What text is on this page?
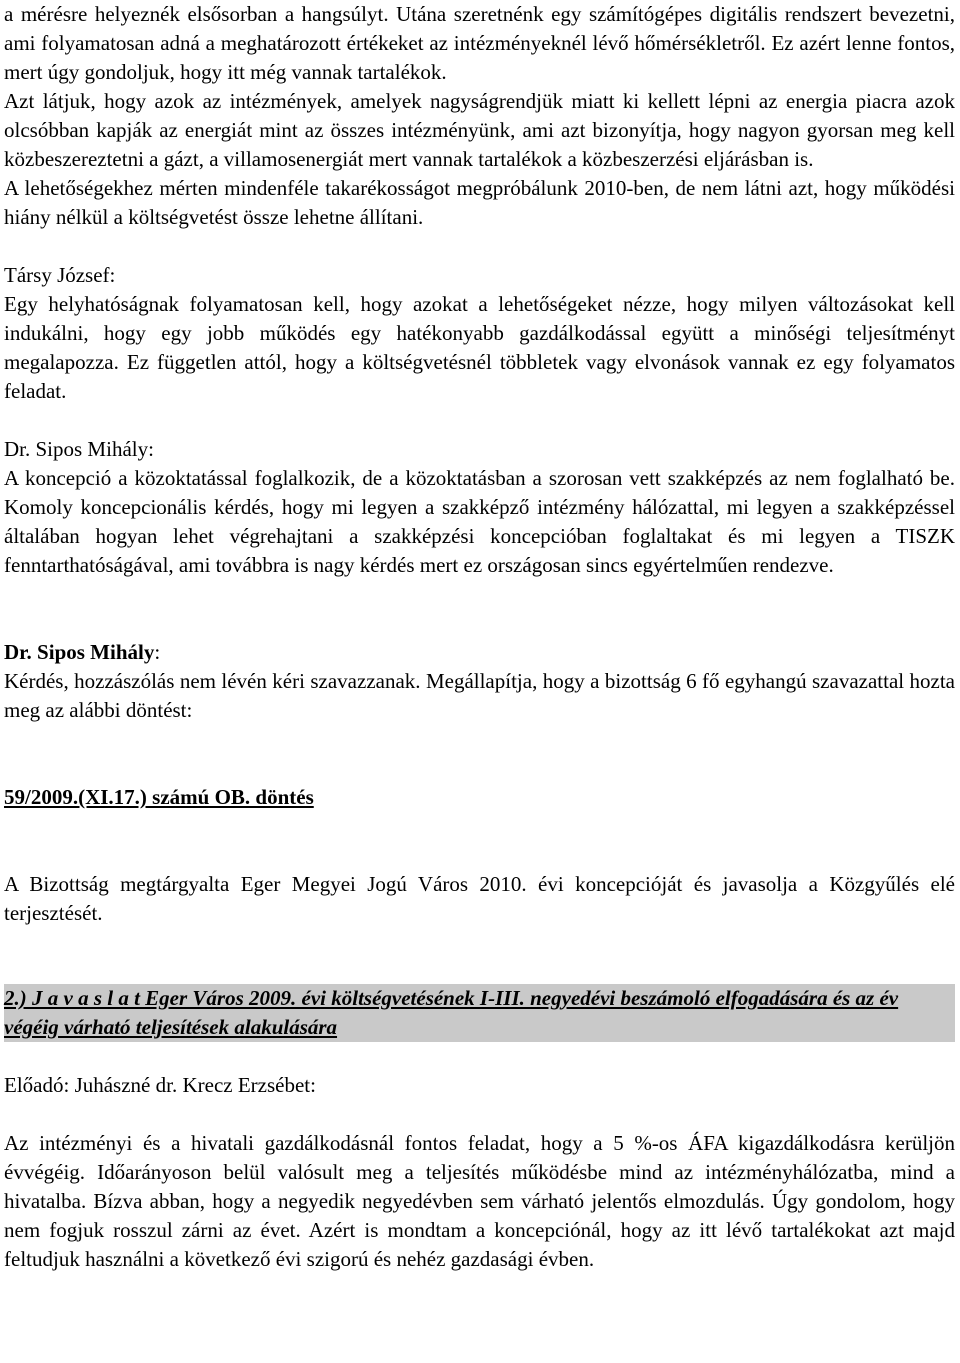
a mérésre helyeznék elsősorban a hangsúlyt. Utána szeretnénk egy számítógépes digitális rendszert bevezetni, ami folyamatosan adná a meghatározott értékeket az intézményeknél lévő hőmérsékletről. Ez azért lenne fontos, mert úgy gondoljuk, hogy itt még vannak tartalékok.

Azt látjuk, hogy azok az intézmények, amelyek nagyságrendjük miatt ki kellett lépni az energia piacra azok olcsóbban kapják az energiát mint az összes intézményünk, ami azt bizonyítja, hogy nagyon gyorsan meg kell közbeszereztetni a gázt, a villamosenergiát mert vannak tartalékok a közbeszerzési eljárásban is.

A lehetőségekhez mérten mindenféle takarékosságot megpróbálunk 2010-ben, de nem látni azt, hogy működési hiány nélkül a költségvetést össze lehetne állítani.

Társy József:

Egy helyhatóságnak folyamatosan kell, hogy azokat a lehetőségeket nézze, hogy milyen változásokat kell indukálni, hogy egy jobb működés egy hatékonyabb gazdálkodással együtt a minőségi teljesítményt megalapozza. Ez független attól, hogy a költségvetésnél többletek vagy elvonások vannak ez egy folyamatos feladat.

Dr. Sipos Mihály:

A koncepció a közoktatással foglalkozik, de a közoktatásban a szorosan vett szakképzés az nem foglalható be. Komoly koncepcionális kérdés, hogy mi legyen a szakképző intézmény hálózattal, mi legyen a szakképzéssel általában hogyan lehet végrehajtani a szakképzési koncepcióban foglaltakat és mi legyen a TISZK fenntarthatóságával, ami továbbra is nagy kérdés mert ez országosan sincs egyértelműen rendezve.

Dr. Sipos Mihály:

Kérdés, hozzászólás nem lévén kéri szavazzanak. Megállapítja, hogy a bizottság 6 fő egyhangú szavazattal hozta meg az alábbi döntést:

59/2009.(XI.17.) számú OB. döntés

A Bizottság megtárgyalta Eger Megyei Jogú Város 2010. évi koncepcióját és javasolja a Közgyűlés elé terjesztését.

2.) J a v a s l a t Eger Város 2009. évi költségvetésének I-III. negyedévi beszámoló elfogadására és az év végéig várható teljesítések alakulására

Előadó: Juhászné dr. Krecz Erzsébet:

Az intézményi és a hivatali gazdálkodásnál fontos feladat, hogy a 5 %-os ÁFA kigazdálkodásra kerüljön évvégéig. Időarányoson belül valósult meg a teljesítés működésbe mind az intézményhálózatba, mind a hivatalba. Bízva abban, hogy a negyedik negyedévben sem várható jelentős elmozdulás. Úgy gondolom, hogy nem fogjuk rosszul zárni az évet. Azért is mondtam a koncepciónál, hogy az itt lévő tartalékokat azt majd feltudjuk használni a következő évi szigorú és nehéz gazdasági évben.
